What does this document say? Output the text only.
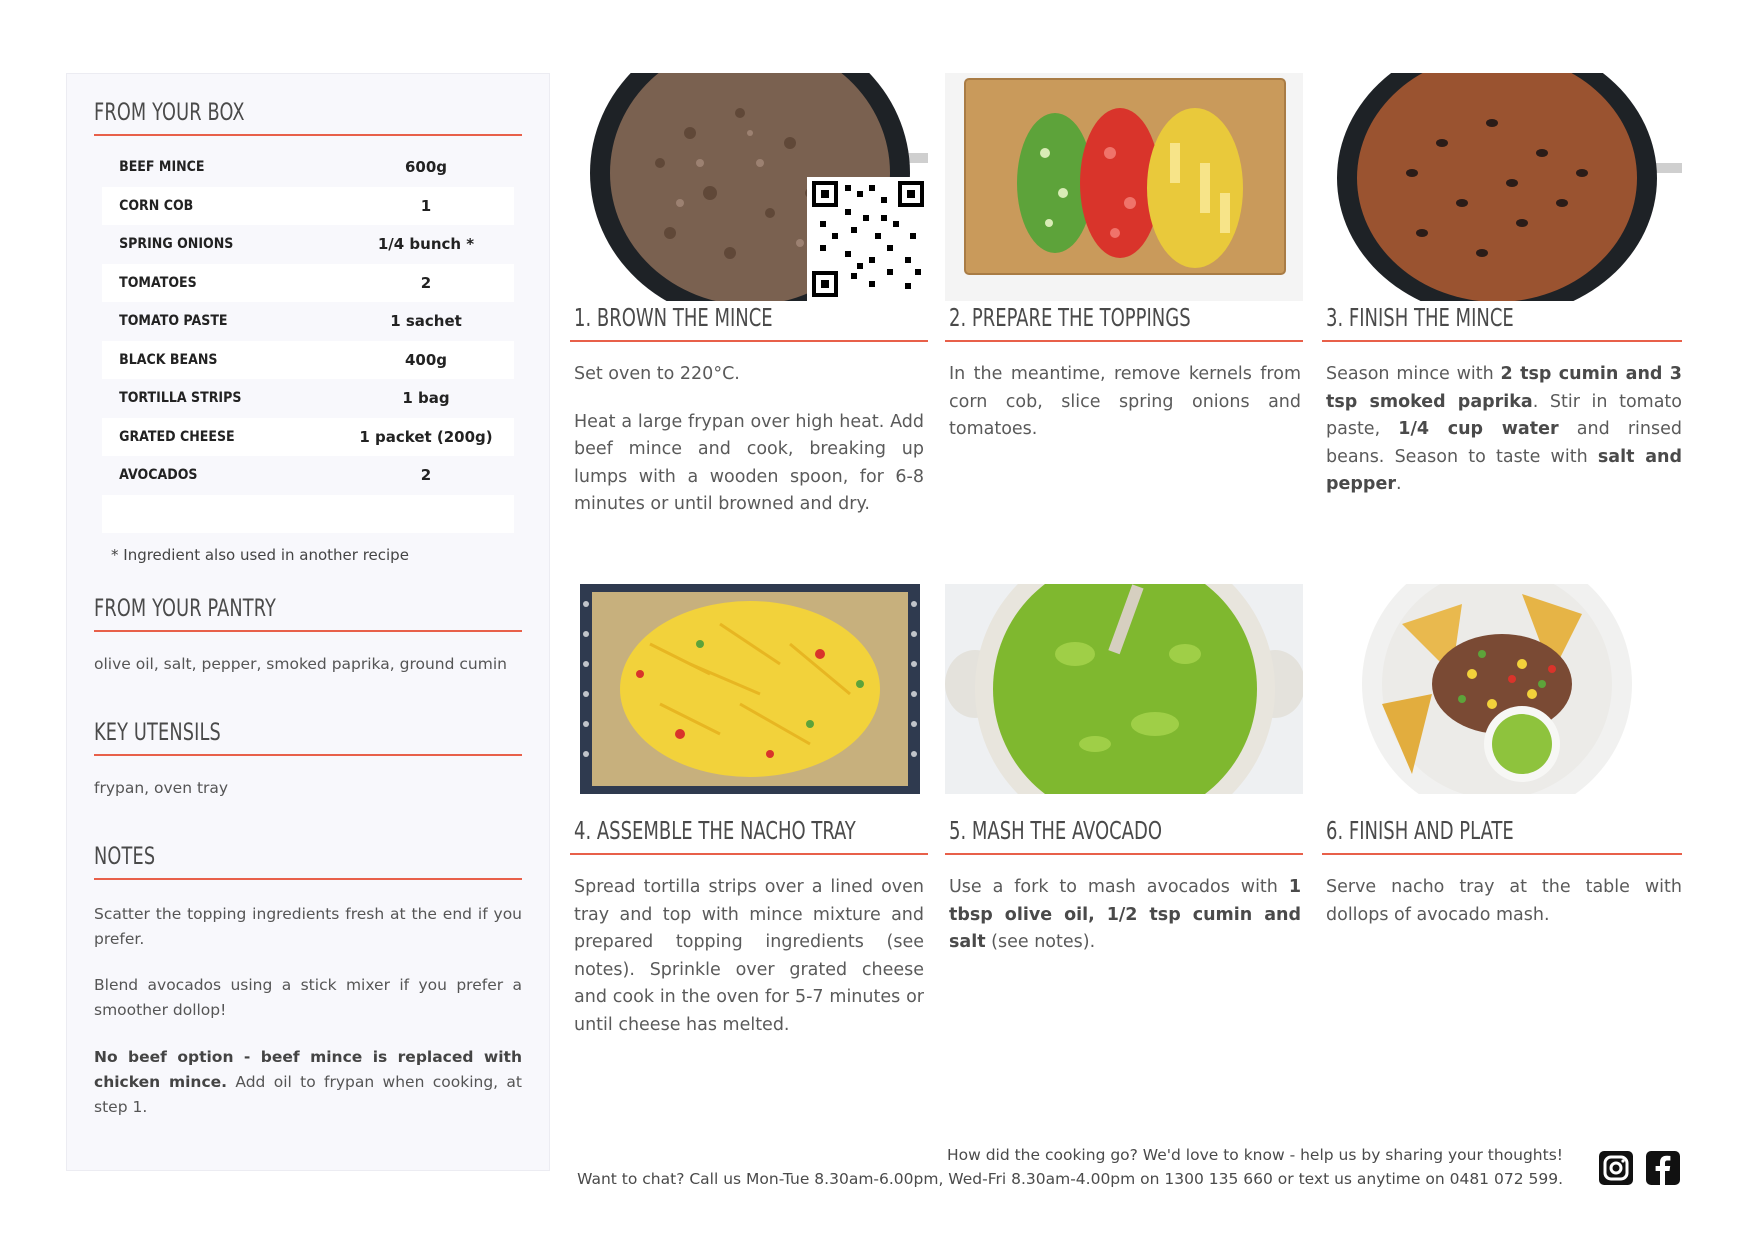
FROM YOUR BOX
BEEF MINCE	600g
CORN COB	1
SPRING ONIONS	1/4 bunch *
TOMATOES	2
TOMATO PASTE	1 sachet
BLACK BEANS	400g
TORTILLA STRIPS	1 bag
GRATED CHEESE	1 packet (200g)
AVOCADOS	2
* Ingredient also used in another recipe
FROM YOUR PANTRY
olive oil, salt, pepper, smoked paprika, ground cumin
KEY UTENSILS
frypan, oven tray
NOTES
Scatter the topping ingredients fresh at the end if you prefer.
Blend avocados using a stick mixer if you prefer a smoother dollop!
No beef option - beef mince is replaced with chicken mince. Add oil to frypan when cooking, at step 1.
1. BROWN THE MINCE

Set oven to 220°C.

Heat a large frypan over high heat. Add beef mince and cook, breaking up lumps with a wooden spoon, for 6-8 minutes or until browned and dry.

2. PREPARE THE TOPPINGS

In the meantime, remove kernels from corn cob, slice spring onions and tomatoes.

3. FINISH THE MINCE

Season mince with 2 tsp cumin and 3 tsp smoked paprika. Stir in tomato paste, 1/4 cup water and rinsed beans. Season to taste with salt and pepper.

4. ASSEMBLE THE NACHO TRAY

Spread tortilla strips over a lined oven tray and top with mince mixture and prepared topping ingredients (see notes). Sprinkle over grated cheese and cook in the oven for 5-7 minutes or until cheese has melted.

5. MASH THE AVOCADO

Use a fork to mash avocados with 1 tbsp olive oil, 1/2 tsp cumin and salt (see notes).

6. FINISH AND PLATE

Serve nacho tray at the table with dollops of avocado mash.

How did the cooking go? We'd love to know - help us by sharing your thoughts!
Want to chat? Call us Mon-Tue 8.30am-6.00pm, Wed-Fri 8.30am-4.00pm on 1300 135 660 or text us anytime on 0481 072 599.
